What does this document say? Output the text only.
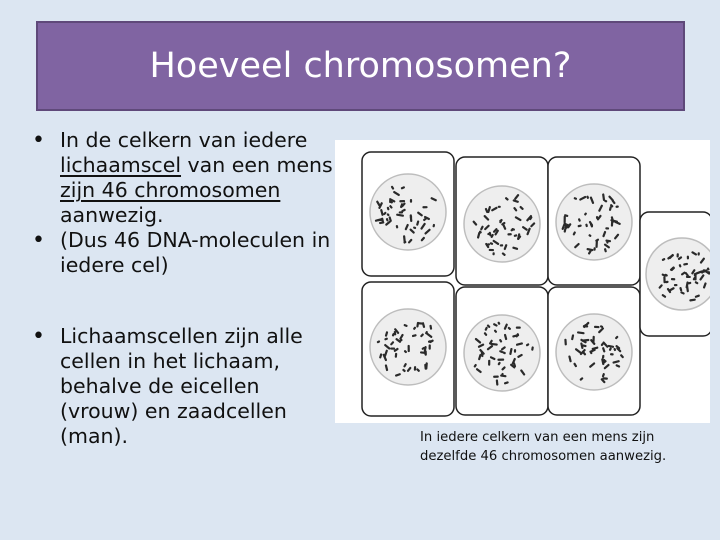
Hoeveel chromosomen?
• In de celkern van iedere
lichaamscel van een mens
zijn 46 chromosomen
aanwezig.
• (Dus 46 DNA-moleculen in
iedere cel)
• Lichaamscellen zijn alle
cellen in het lichaam,
behalve de eicellen
(vrouw) en zaadcellen
(man).	In iedere celkern van een mens zijn
dezelfde 46 chromosomen aanwezig.
